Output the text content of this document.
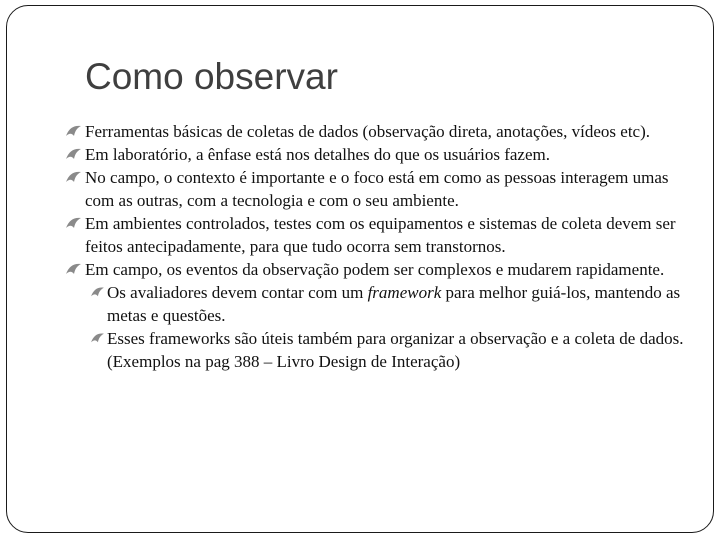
Como observar
Ferramentas básicas de coletas de dados (observação direta, anotações, vídeos etc).
Em laboratório, a ênfase está nos detalhes do que os usuários fazem.
No campo, o contexto é importante e o foco está em como as pessoas interagem umas com as outras, com a tecnologia e com o seu ambiente.
Em ambientes controlados, testes com os equipamentos e sistemas de coleta devem ser feitos antecipadamente, para que tudo ocorra sem transtornos.
Em campo, os eventos da observação podem ser complexos e mudarem rapidamente.
Os avaliadores devem contar com um framework para melhor guiá-los, mantendo as metas e questões.
Esses frameworks são úteis também para organizar a observação e a coleta de dados. (Exemplos na pag 388 – Livro Design de Interação)
